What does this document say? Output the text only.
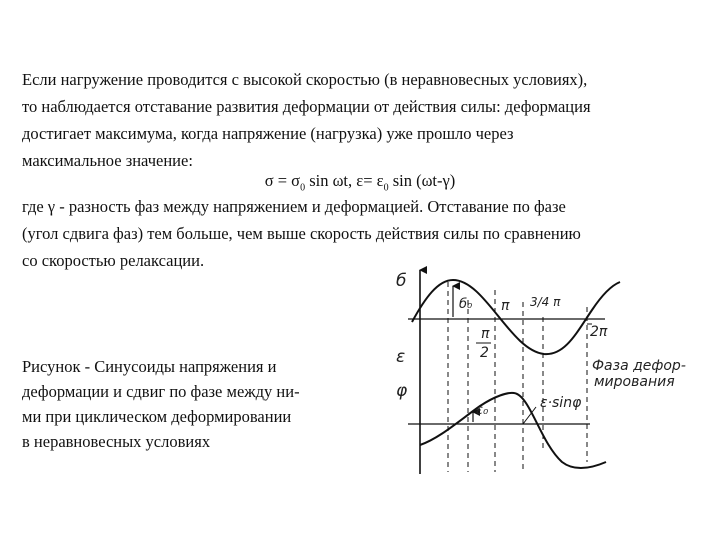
Если нагружение проводится с высокой скоростью (в неравновесных условиях),
то наблюдается отставание развития деформации от действия силы: деформация
достигает максимума, когда напряжение (нагрузка) уже прошло через
максимальное значение:
$\sigma = \sigma_0$ sin ωt, $\varepsilon= \varepsilon_0$ sin (ωt-γ)
где γ - разность фаз между напряжением и деформацией. Отставание по фазе
(угол сдвига фаз) тем больше, чем выше скорость действия силы по сравнению
со скоростью релаксации.
Рисунок - Синусоиды напряжения и
деформации и сдвиг по фазе между ни-
ми при циклическом деформировании
в неравновесных условиях
б
б₀ π 3/4 π
π
2
2π
ε
φ
ε₀	ε·sinφ
Фаза дефор-
мирования
